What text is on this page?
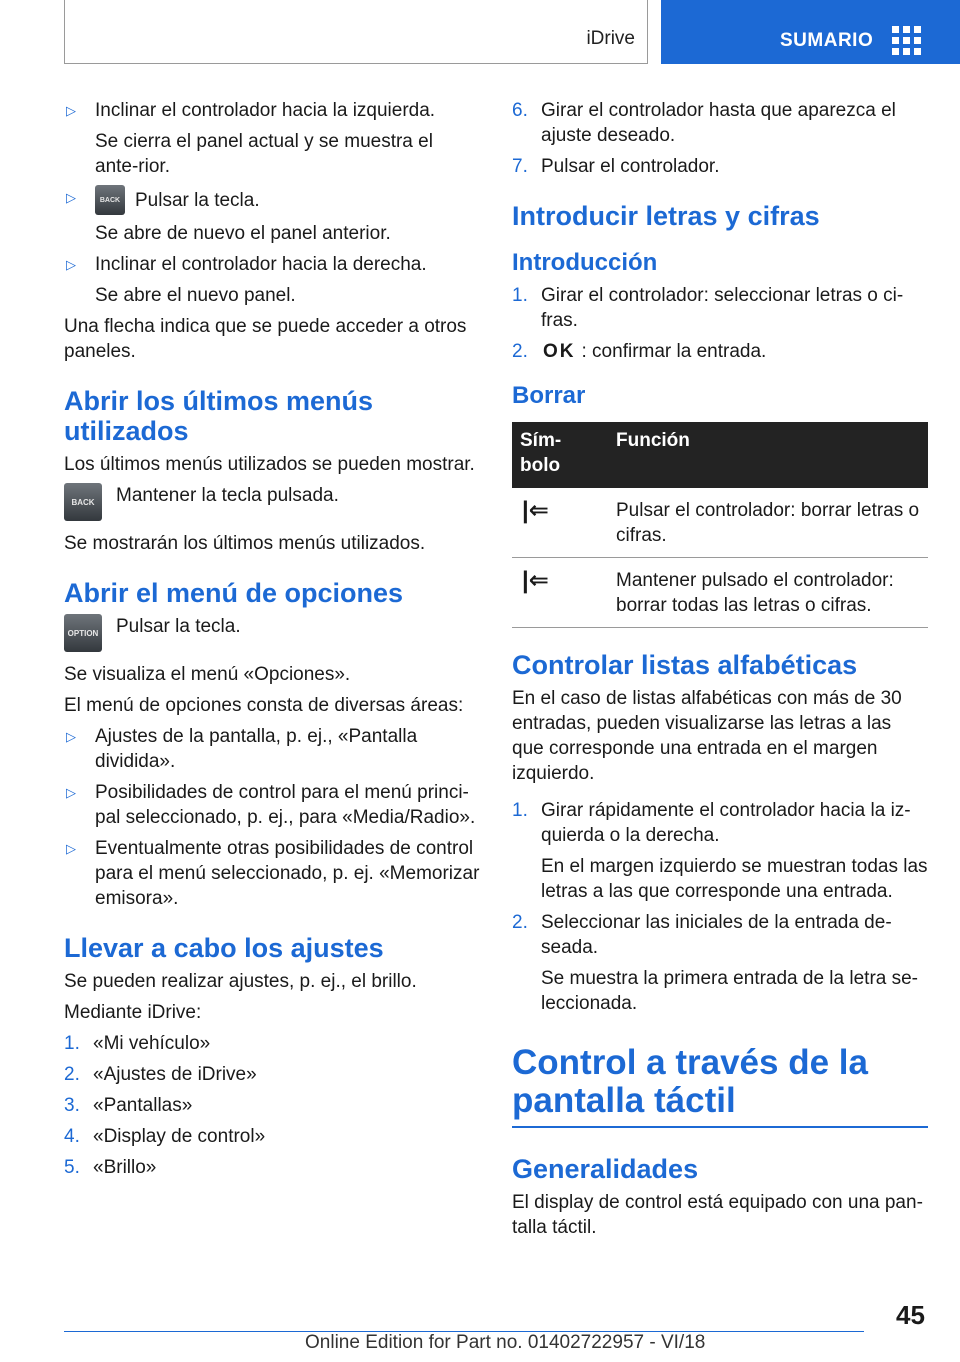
iDrive	SUMARIO
▷	Inclinar el controlador hacia la izquierda.

Se cierra el panel actual y se muestra el ante-rior.

▷	BACK Pulsar la tecla.

Se abre de nuevo el panel anterior.

▷	Inclinar el controlador hacia la derecha.

Se abre el nuevo panel.

Una flecha indica que se puede acceder a otros paneles.

Abrir los últimos menús utilizados

Los últimos menús utilizados se pueden mostrar.

BACK	Mantener la tecla pulsada.

Se mostrarán los últimos menús utilizados.

Abrir el menú de opciones
OPTION Pulsar la tecla.

Se visualiza el menú «Opciones».

El menú de opciones consta de diversas áreas:

▷	Ajustes de la pantalla, p. ej., «Pantalla dividida».

▷	Posibilidades de control para el menú princi-pal seleccionado, p. ej., para «Media/Radio».

▷	Eventualmente otras posibilidades de control para el menú seleccionado, p. ej. «Memorizar emisora».

Llevar a cabo los ajustes

Se pueden realizar ajustes, p. ej., el brillo.

Mediante iDrive:

1. «Mi vehículo»

2. «Ajustes de iDrive»

3. «Pantallas»

4. «Display de control»

5. «Brillo»

6. Girar el controlador hasta que aparezca el ajuste deseado.

7. Pulsar el controlador.

Introducir letras y cifras
Introducción
1. Girar el controlador: seleccionar letras o ci-fras.

2. OK : confirmar la entrada.

Borrar
Sím-bolo	Función
|⇐	Pulsar el controlador: borrar letras o cifras.
|⇐	Mantener pulsado el controlador: borrar todas las letras o cifras.
Controlar listas alfabéticas

En el caso de listas alfabéticas con más de 30 entradas, pueden visualizarse las letras a las que corresponde una entrada en el margen izquierdo.

1. Girar rápidamente el controlador hacia la iz-quierda o la derecha.

En el margen izquierdo se muestran todas las letras a las que corresponde una entrada.

2. Seleccionar las iniciales de la entrada de-seada.

Se muestra la primera entrada de la letra se-leccionada.

Control a través de la pantalla táctil
Generalidades

El display de control está equipado con una pan-talla táctil.

45
Online Edition for Part no. 01402722957 - VI/18
